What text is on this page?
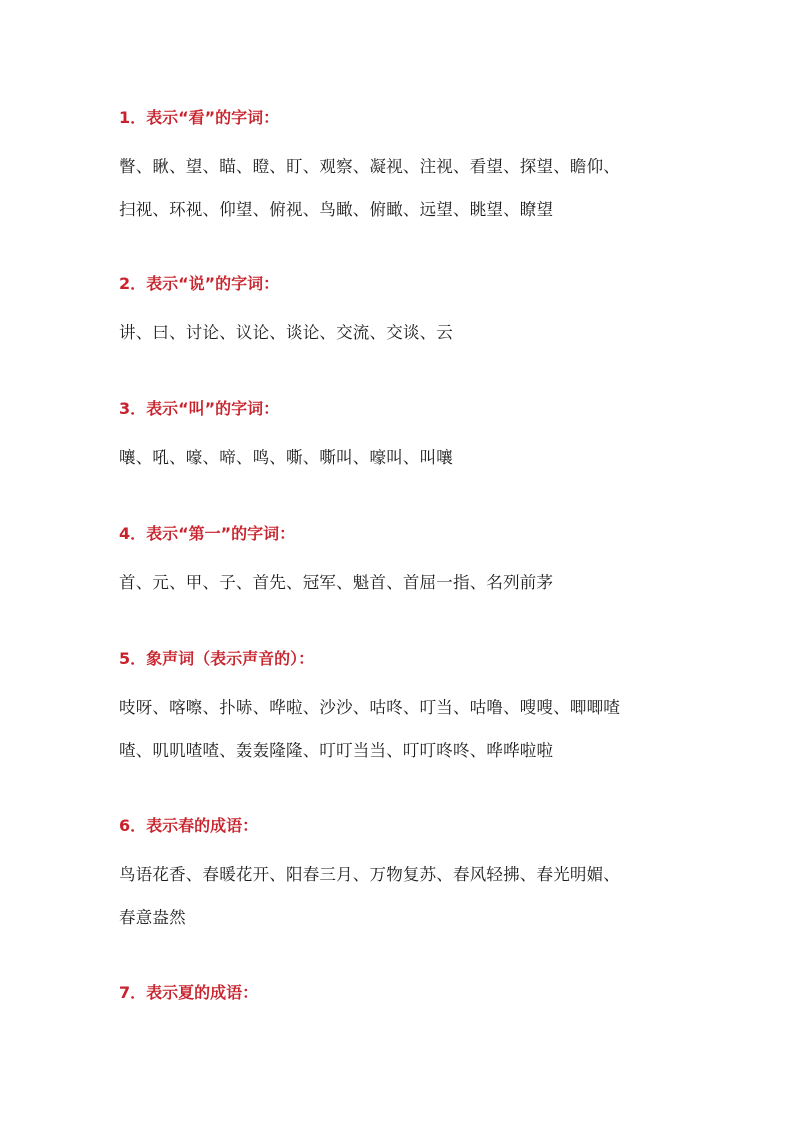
1．表示“看”的字词：
瞥、瞅、望、瞄、瞪、盯、观察、凝视、注视、看望、探望、瞻仰、
扫视、环视、仰望、俯视、鸟瞰、俯瞰、远望、眺望、瞭望
2．表示“说”的字词：
讲、曰、讨论、议论、谈论、交流、交谈、云
3．表示“叫”的字词：
嚷、吼、嚎、啼、鸣、嘶、嘶叫、嚎叫、叫嚷
4．表示“第一”的字词：
首、元、甲、子、首先、冠军、魁首、首屈一指、名列前茅
5．象声词（表示声音的）：
吱呀、喀嚓、扑哧、哗啦、沙沙、咕咚、叮当、咕噜、嗖嗖、唧唧喳
喳、叽叽喳喳、轰轰隆隆、叮叮当当、叮叮咚咚、哗哗啦啦
6．表示春的成语：
鸟语花香、春暖花开、阳春三月、万物复苏、春风轻拂、春光明媚、
春意盎然
7．表示夏的成语：
